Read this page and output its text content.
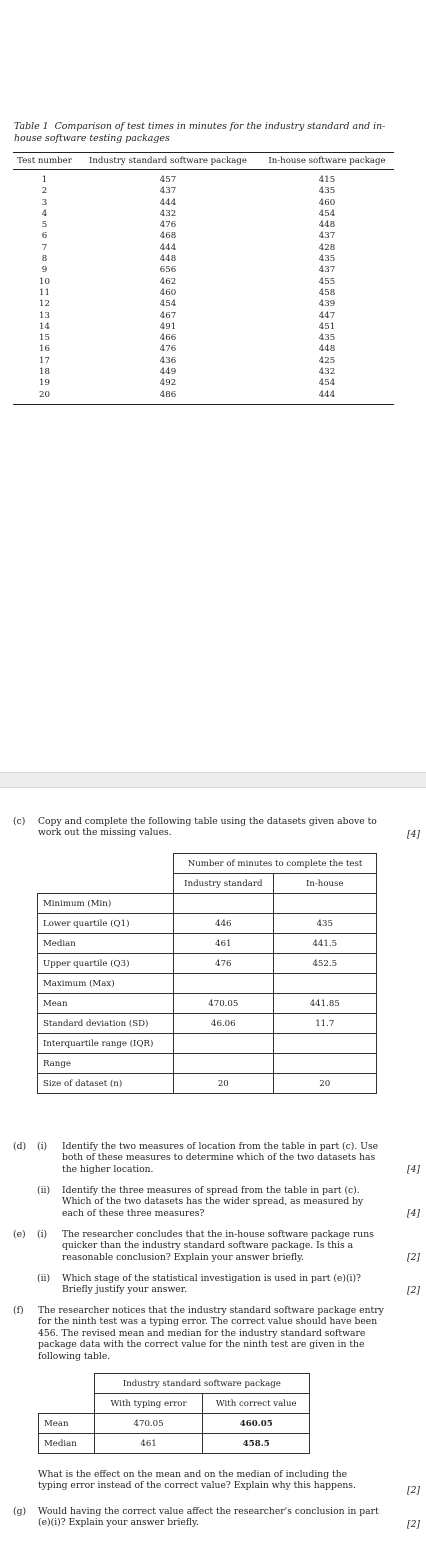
Table 1 Comparison of test times in minutes for the industry standard and in-house software testing packages
Test number	Industry standard software package	In-house software package
1	457	415
2	437	435
3	444	460
4	432	454
5	476	448
6	468	437
7	444	428
8	448	435
9	656	437
10	462	455
11	460	458
12	454	439
13	467	447
14	491	451
15	466	435
16	476	448
17	436	425
18	449	432
19	492	454
20	486	444
(c) Copy and complete the following table using the datasets given above to work out the missing values.	[4]
	Number of minutes to complete the test	
	Industry standard	In-house
Minimum (Min)		
Lower quartile (Q1)	446	435
Median	461	441.5
Upper quartile (Q3)	476	452.5
Maximum (Max)		
Mean	470.05	441.85
Standard deviation (SD)	46.06	11.7
Interquartile range (IQR)		
Range		
Size of dataset (n)	20	20
(d) (i) Identify the two measures of location from the table in part (c). Use both of these measures to determine which of the two datasets has the higher location.	[4]
(ii) Identify the three measures of spread from the table in part (c). Which of the two datasets has the wider spread, as measured by each of these three measures?	[4]
(e) (i) The researcher concludes that the in-house software package runs quicker than the industry standard software package. Is this a reasonable conclusion? Explain your answer briefly.	[2]
(ii) Which stage of the statistical investigation is used in part (e)(i)? Briefly justify your answer.	[2]
(f) The researcher notices that the industry standard software package entry for the ninth test was a typing error. The correct value should have been 456. The revised mean and median for the industry standard software package data with the correct value for the ninth test are given in the following table.
	Industry standard software package	
	With typing error	With correct value
Mean	470.05	460.05
Median	461	458.5
What is the effect on the mean and on the median of including the typing error instead of the correct value? Explain why this happens.	[2]
(g) Would having the correct value affect the researcher's conclusion in part (e)(i)? Explain your answer briefly.	[2]
